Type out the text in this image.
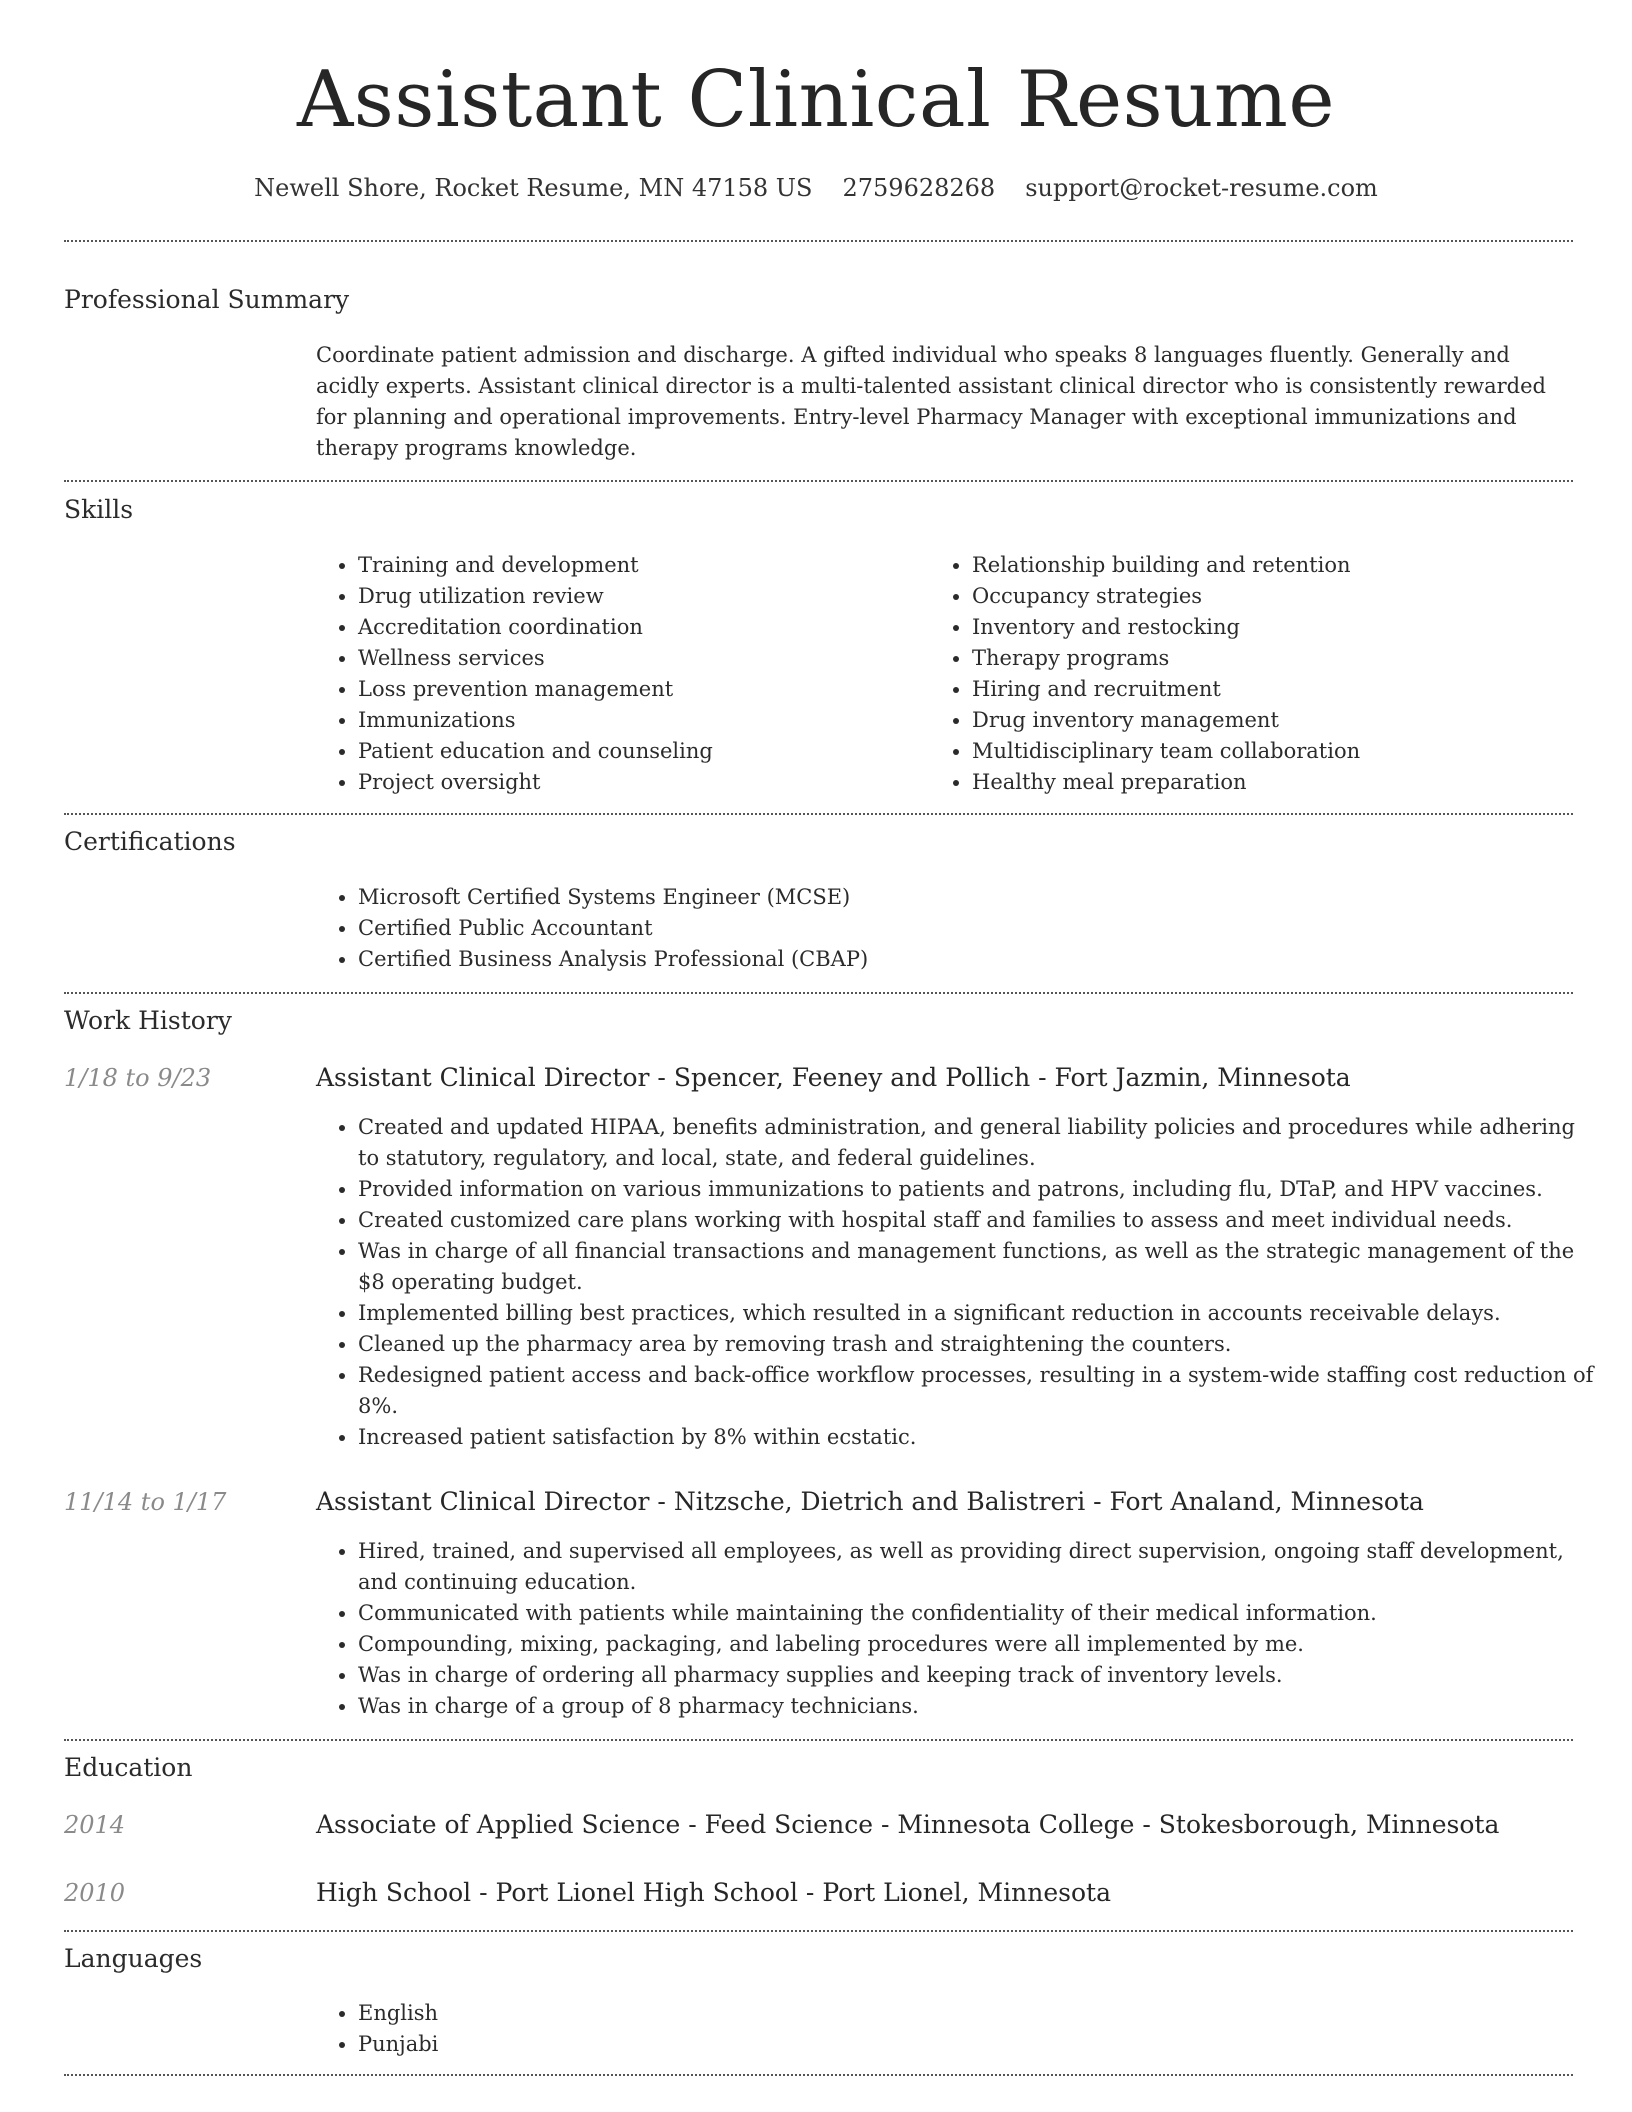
Assistant Clinical Resume
Newell Shore, Rocket Resume, MN 47158 US 2759628268 support@rocket-resume.com
Professional Summary
Coordinate patient admission and discharge. A gifted individual who speaks 8 languages fluently. Generally and acidly experts. Assistant clinical director is a multi-talented assistant clinical director who is consistently rewarded for planning and operational improvements. Entry-level Pharmacy Manager with exceptional immunizations and therapy programs knowledge.
Skills
• Training and development
• Drug utilization review
• Accreditation coordination
• Wellness services
• Loss prevention management
• Immunizations
• Patient education and counseling
• Project oversight
• Relationship building and retention
• Occupancy strategies
• Inventory and restocking
• Therapy programs
• Hiring and recruitment
• Drug inventory management
• Multidisciplinary team collaboration
• Healthy meal preparation
Certifications
• Microsoft Certified Systems Engineer (MCSE)
• Certified Public Accountant
• Certified Business Analysis Professional (CBAP)
Work History
1/18 to 9/23	Assistant Clinical Director - Spencer, Feeney and Pollich - Fort Jazmin, Minnesota
• Created and updated HIPAA, benefits administration, and general liability policies and procedures while adhering to statutory, regulatory, and local, state, and federal guidelines.
• Provided information on various immunizations to patients and patrons, including flu, DTaP, and HPV vaccines.
• Created customized care plans working with hospital staff and families to assess and meet individual needs.
• Was in charge of all financial transactions and management functions, as well as the strategic management of the $8 operating budget.
• Implemented billing best practices, which resulted in a significant reduction in accounts receivable delays.
• Cleaned up the pharmacy area by removing trash and straightening the counters.
• Redesigned patient access and back-office workflow processes, resulting in a system-wide staffing cost reduction of 8%.
• Increased patient satisfaction by 8% within ecstatic.
11/14 to 1/17	Assistant Clinical Director - Nitzsche, Dietrich and Balistreri - Fort Analand, Minnesota
• Hired, trained, and supervised all employees, as well as providing direct supervision, ongoing staff development, and continuing education.
• Communicated with patients while maintaining the confidentiality of their medical information.
• Compounding, mixing, packaging, and labeling procedures were all implemented by me.
• Was in charge of ordering all pharmacy supplies and keeping track of inventory levels.
• Was in charge of a group of 8 pharmacy technicians.
Education
2014	Associate of Applied Science - Feed Science - Minnesota College - Stokesborough, Minnesota
2010	High School - Port Lionel High School - Port Lionel, Minnesota
Languages
• English
• Punjabi
